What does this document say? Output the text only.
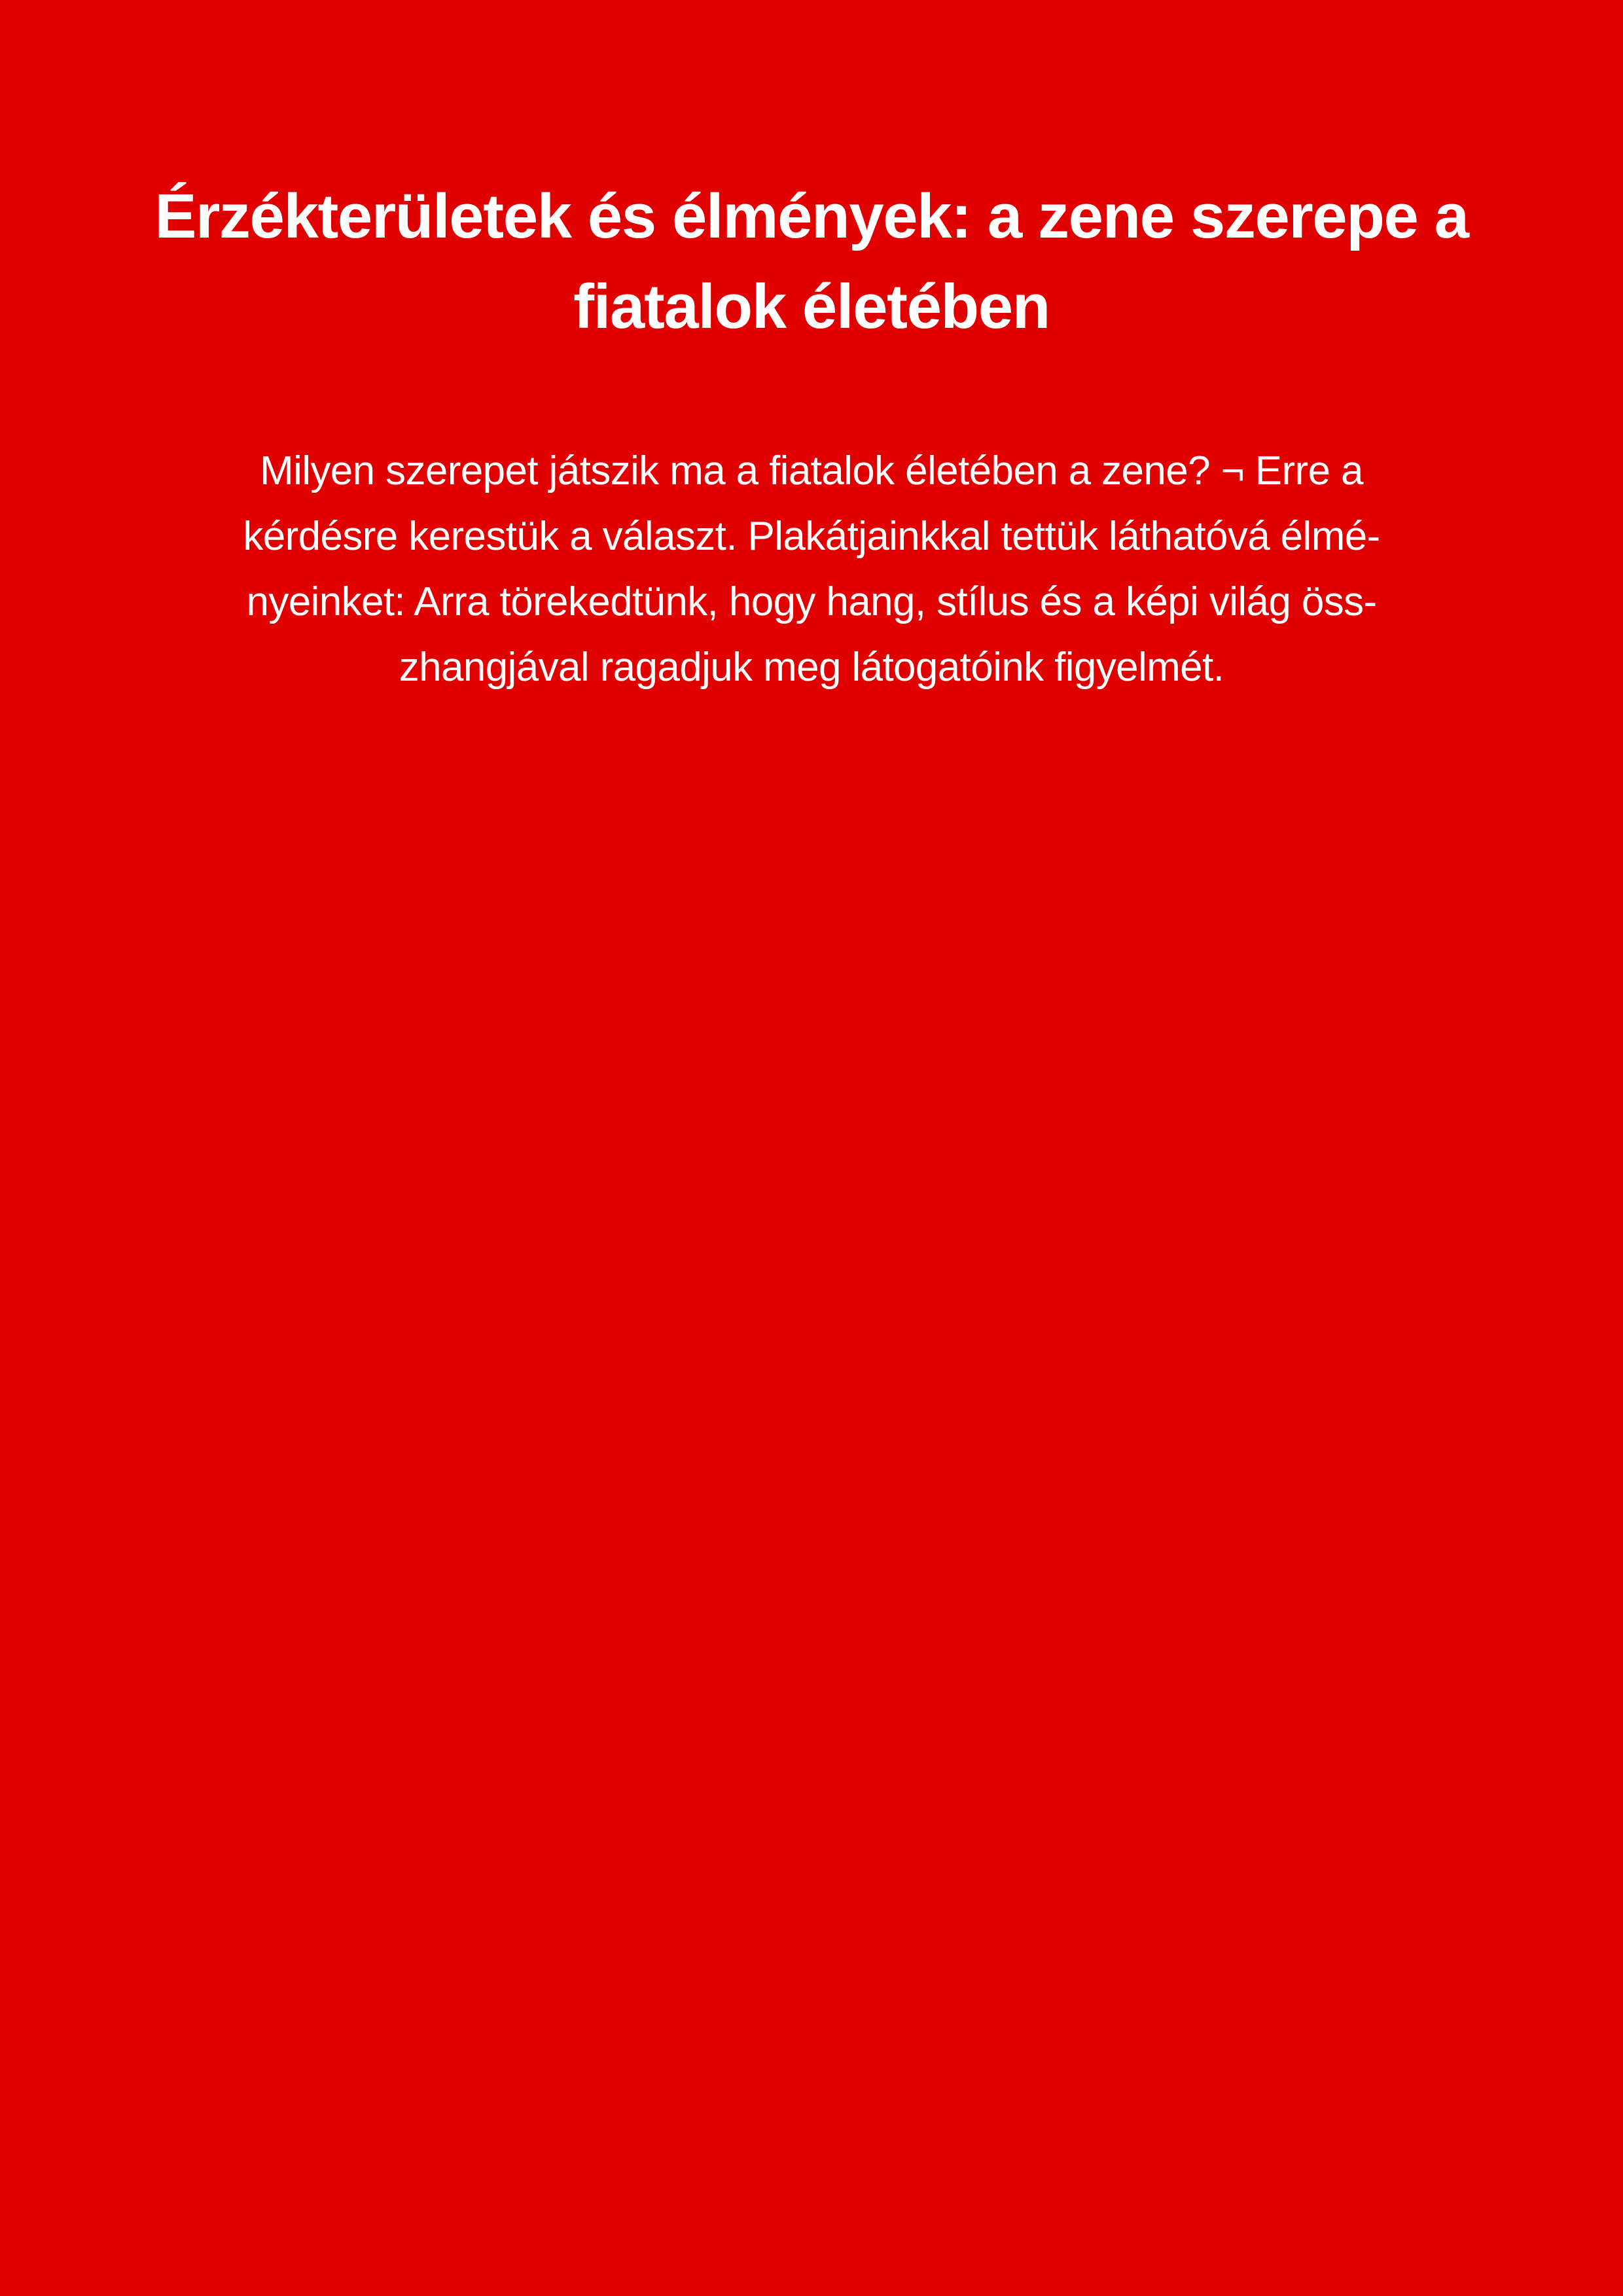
Érzékterületek és élmények: a zene szerepe a
fiatalok életében

Milyen szerepet játszik ma a fiatalok életében a zene? ¬ Erre a
kérdésre kerestük a választ. Plakátjainkkal tettük láthatóvá élmé-
nyeinket: Arra törekedtünk, hogy hang, stílus és a képi világ öss-
zhangjával ragadjuk meg látogatóink figyelmét.
